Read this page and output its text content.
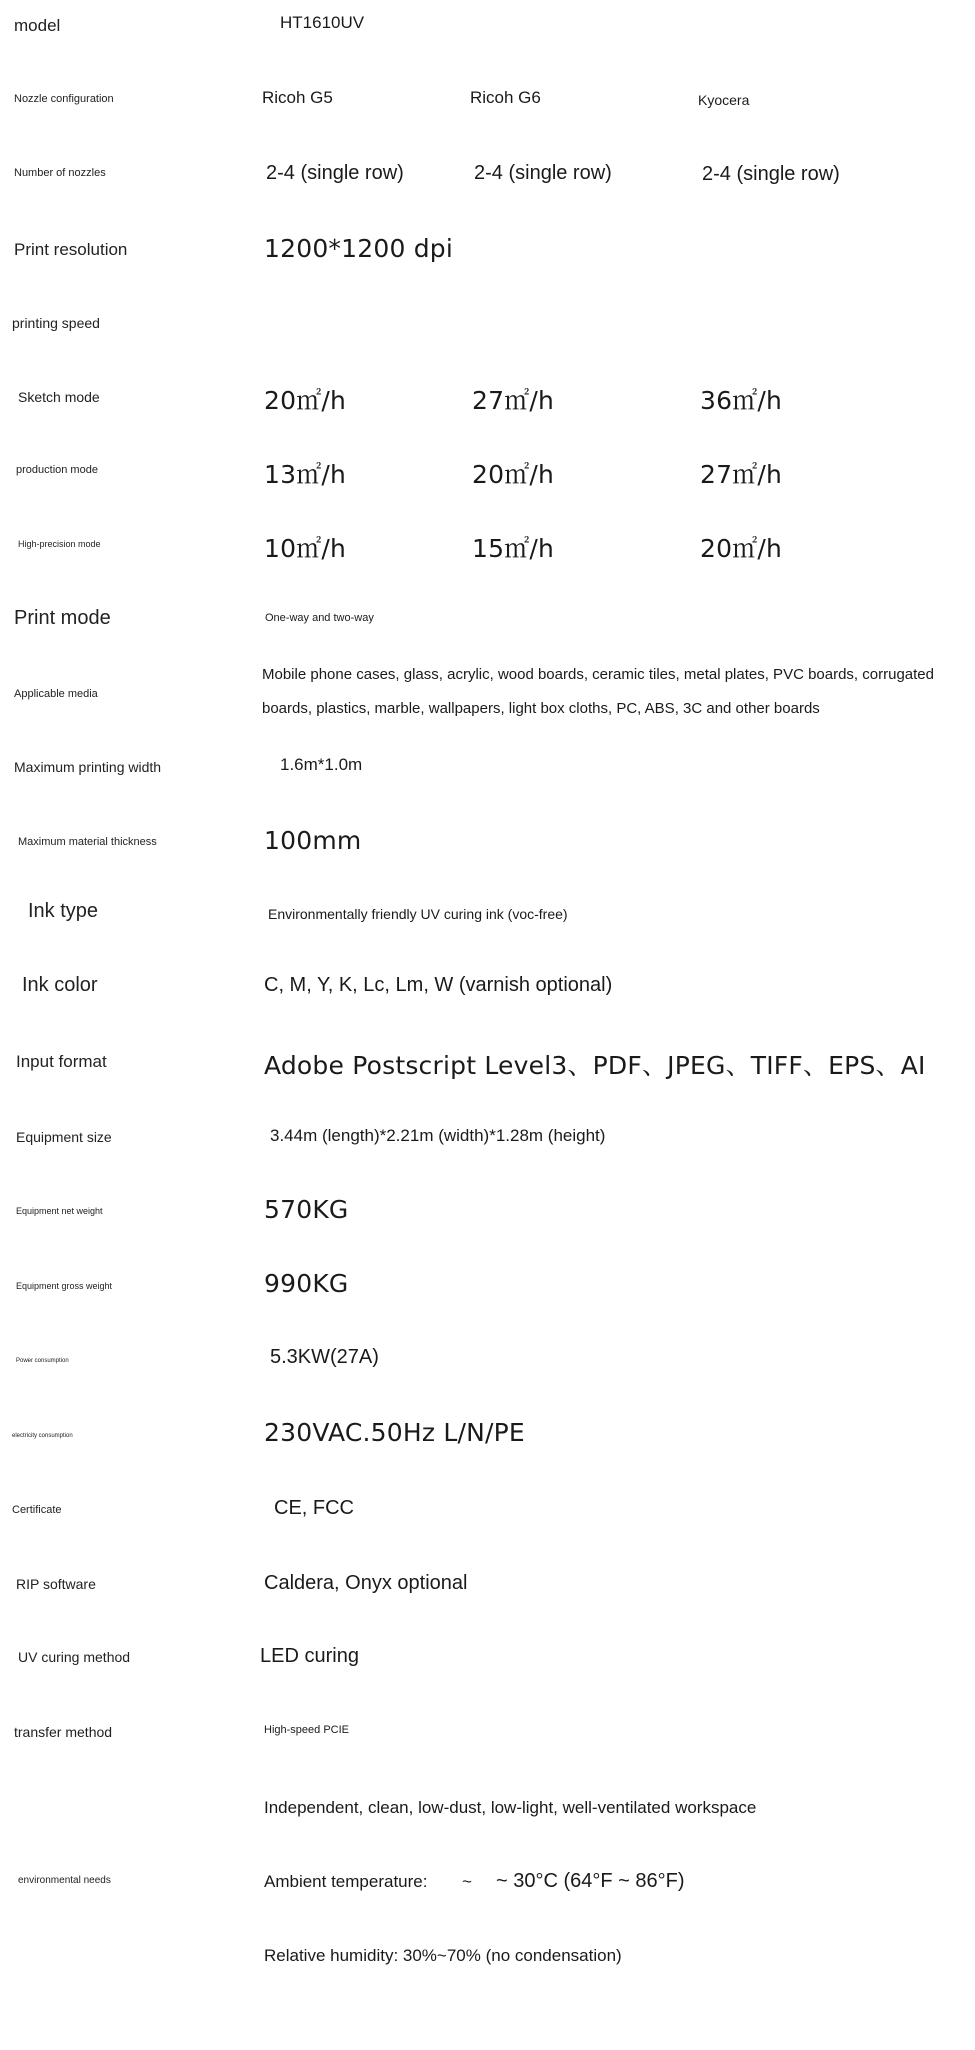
model	HT1610UV
Nozzle configuration	Ricoh G5	Ricoh G6	Kyocera
Number of nozzles	2-4 (single row)	2-4 (single row)	2-4 (single row)
Print resolution	1200*1200 dpi
printing speed
Sketch mode	20㎡/h	27㎡/h	36㎡/h
production mode	13㎡/h	20㎡/h	27㎡/h
High-precision mode	10㎡/h	15㎡/h	20㎡/h
Print mode	One-way and two-way
Applicable media
Mobile phone cases, glass, acrylic, wood boards, ceramic tiles, metal plates, PVC boards, corrugated boards, plastics, marble, wallpapers, light box cloths, PC, ABS, 3C and other boards
Maximum printing width	1.6m*1.0m
Maximum material thickness	100mm
Ink type	Environmentally friendly UV curing ink (voc-free)
Ink color	C, M, Y, K, Lc, Lm, W (varnish optional)
Input format	Adobe Postscript Level3、PDF、JPEG、TIFF、EPS、AI
Equipment size	3.44m (length)*2.21m (width)*1.28m (height)
Equipment net weight	570KG
Equipment gross weight	990KG
Power consumption	5.3KW(27A)
electricity consumption	230VAC.50Hz L/N/PE
Certificate	CE, FCC
RIP software	Caldera, Onyx optional
UV curing method	LED curing
transfer method	High-speed PCIE
Independent, clean, low-dust, low-light, well-ventilated workspace
environmental needs	Ambient temperature: ~ ~ 30°C (64°F ~ 86°F)
Relative humidity: 30%~70% (no condensation)
